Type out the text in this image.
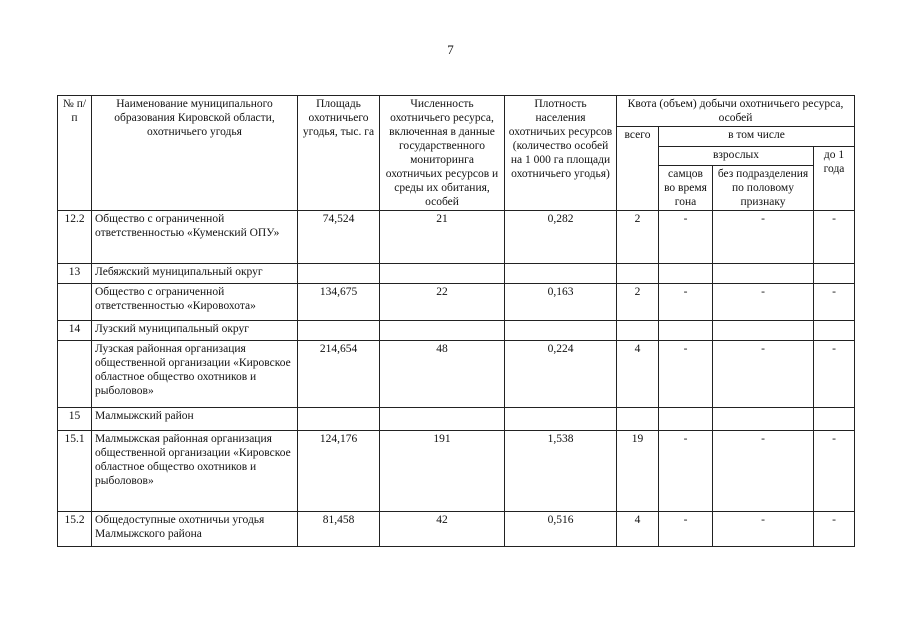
7
№ п/п	Наименование муниципального образования Кировской области, охотничьего угодья	Площадь охотничьего угодья, тыс. га	Численность охотничьего ресурса, включенная в данные государственного мониторинга охотничьих ресурсов и среды их обитания, особей	Плотность населения охотничьих ресурсов (количество особей на 1 000 га площади охотничьего угодья)	Квота (объем) добычи охотничьего ресурса, особей			
					всего	в том числе		
						взрослых		до 1 года
						самцов во время гона	без подразделения по половому признаку	
12.2	Общество с ограниченной ответственностью «Куменский ОПУ»	74,524	21	0,282	2	-	-	-
13	Лебяжский муниципальный округ							
	Общество с ограниченной ответственностью «Кировохота»	134,675	22	0,163	2	-	-	-
14	Лузский муниципальный округ							
	Лузская районная организация общественной организации «Кировское областное общество охотников и рыболовов»	214,654	48	0,224	4	-	-	-
15	Малмыжский район							
15.1	Малмыжская районная организация общественной организации «Кировское областное общество охотников и рыболовов»	124,176	191	1,538	19	-	-	-
15.2	Общедоступные охотничьи угодья Малмыжского района	81,458	42	0,516	4	-	-	-
